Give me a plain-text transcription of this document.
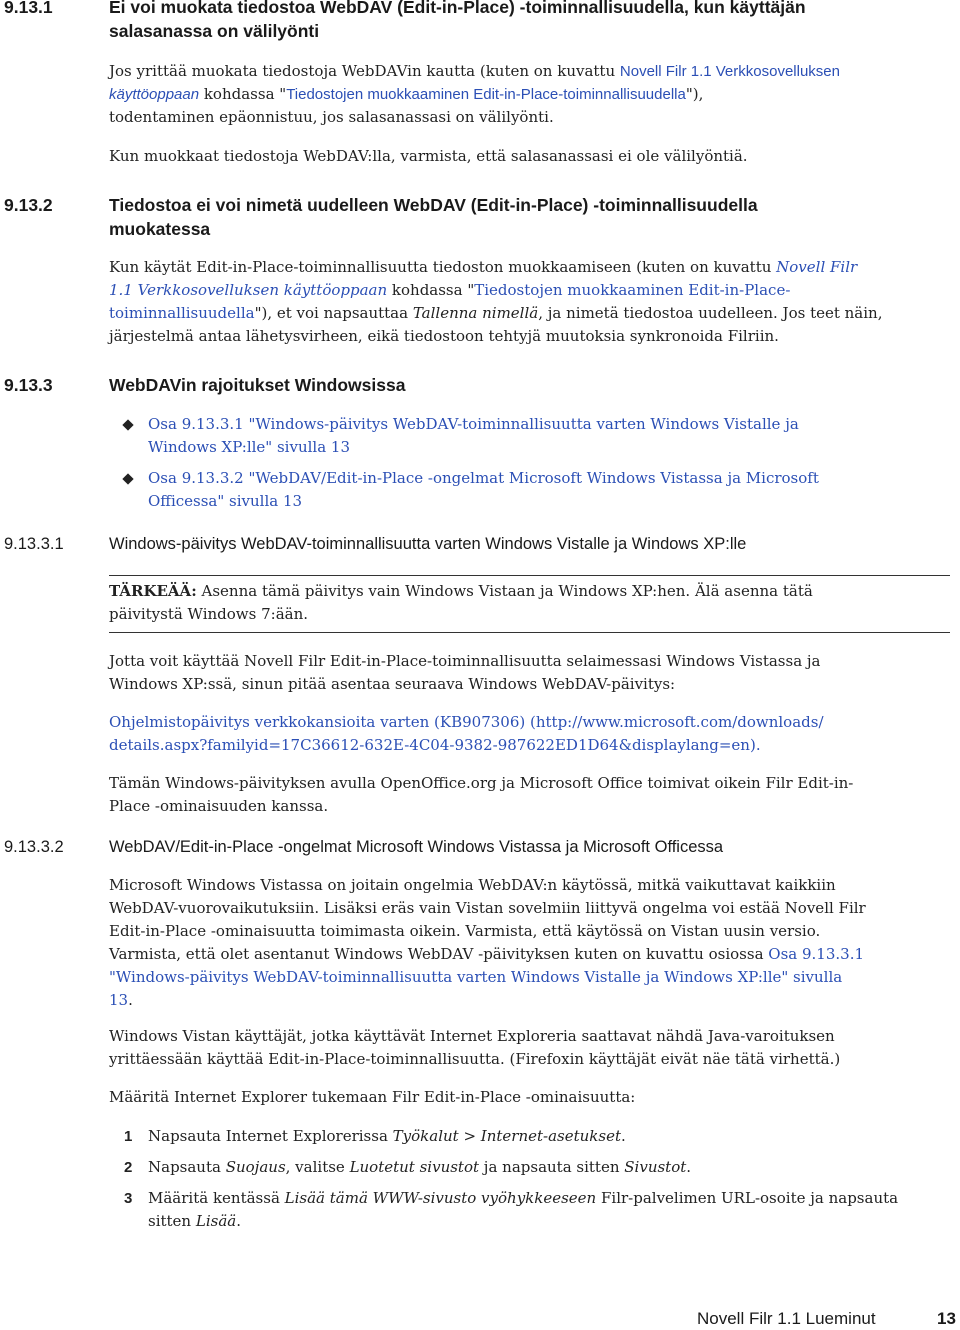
9.13.1	Ei voi muokata tiedostoa WebDAV (Edit-in-Place) -toiminnallisuudella, kun käyttäjän
salasanassa on välilyönti
Jos yrittää muokata tiedostoja WebDAVin kautta (kuten on kuvattu Novell Filr 1.1 Verkkosovelluksen
käyttöoppaan kohdassa "Tiedostojen muokkaaminen Edit-in-Place-toiminnallisuudella"),
todentaminen epäonnistuu, jos salasanassasi on välilyönti.
Kun muokkaat tiedostoja WebDAV:lla, varmista, että salasanassasi ei ole välilyöntiä.
9.13.2	Tiedostoa ei voi nimetä uudelleen WebDAV (Edit-in-Place) -toiminnallisuudella
muokatessa
Kun käytät Edit-in-Place-toiminnallisuutta tiedoston muokkaamiseen (kuten on kuvattu Novell Filr
1.1 Verkkosovelluksen käyttöoppaan kohdassa "Tiedostojen muokkaaminen Edit-in-Place-
toiminnallisuudella"), et voi napsauttaa Tallenna nimellä, ja nimetä tiedostoa uudelleen. Jos teet näin,
järjestelmä antaa lähetysvirheen, eikä tiedostoon tehtyjä muutoksia synkronoida Filriin.
9.13.3	WebDAVin rajoitukset Windowsissa
Osa 9.13.3.1 "Windows-päivitys WebDAV-toiminnallisuutta varten Windows Vistalle ja
Windows XP:lle" sivulla 13
Osa 9.13.3.2 "WebDAV/Edit-in-Place -ongelmat Microsoft Windows Vistassa ja Microsoft
Officessa" sivulla 13
9.13.3.1	Windows-päivitys WebDAV-toiminnallisuutta varten Windows Vistalle ja Windows XP:lle
TÄRKEÄÄ: Asenna tämä päivitys vain Windows Vistaan ja Windows XP:hen. Älä asenna tätä
päivitystä Windows 7:ään.
Jotta voit käyttää Novell Filr Edit-in-Place-toiminnallisuutta selaimessasi Windows Vistassa ja
Windows XP:ssä, sinun pitää asentaa seuraava Windows WebDAV-päivitys:
Ohjelmistopäivitys verkkokansioita varten (KB907306) (http://www.microsoft.com/downloads/
details.aspx?familyid=17C36612-632E-4C04-9382-987622ED1D64&displaylang=en).
Tämän Windows-päivityksen avulla OpenOffice.org ja Microsoft Office toimivat oikein Filr Edit-in-
Place -ominaisuuden kanssa.
9.13.3.2	WebDAV/Edit-in-Place -ongelmat Microsoft Windows Vistassa ja Microsoft Officessa
Microsoft Windows Vistassa on joitain ongelmia WebDAV:n käytössä, mitkä vaikuttavat kaikkiin
WebDAV-vuorovaikutuksiin. Lisäksi eräs vain Vistan sovelmiin liittyvä ongelma voi estää Novell Filr
Edit-in-Place -ominaisuutta toimimasta oikein. Varmista, että käytössä on Vistan uusin versio.
Varmista, että olet asentanut Windows WebDAV -päivityksen kuten on kuvattu osiossa Osa 9.13.3.1
"Windows-päivitys WebDAV-toiminnallisuutta varten Windows Vistalle ja Windows XP:lle" sivulla
13.
Windows Vistan käyttäjät, jotka käyttävät Internet Exploreria saattavat nähdä Java-varoituksen
yrittäessään käyttää Edit-in-Place-toiminnallisuutta. (Firefoxin käyttäjät eivät näe tätä virhettä.)
Määritä Internet Explorer tukemaan Filr Edit-in-Place -ominaisuutta:
1 Napsauta Internet Explorerissa Työkalut > Internet-asetukset.
2 Napsauta Suojaus, valitse Luotetut sivustot ja napsauta sitten Sivustot.
3 Määritä kentässä Lisää tämä WWW-sivusto vyöhykkeeseen Filr-palvelimen URL-osoite ja napsauta
sitten Lisää.
Novell Filr 1.1 Lueminut	13
